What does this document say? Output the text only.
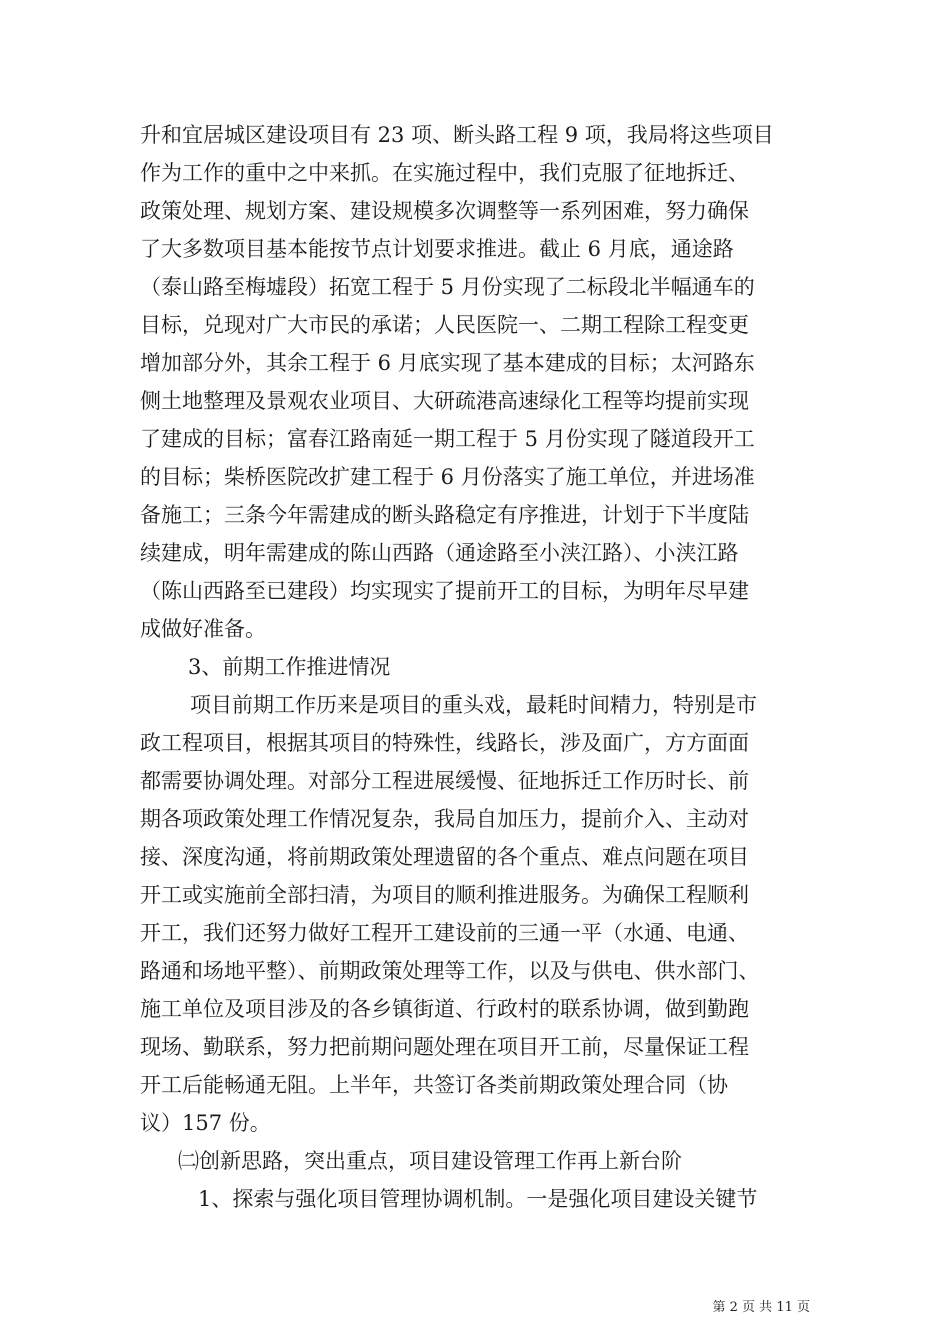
升和宜居城区建设项目有 23 项、断头路工程 9 项，我局将这些项目
作为工作的重中之中来抓。在实施过程中，我们克服了征地拆迁、
政策处理、规划方案、建设规模多次调整等一系列困难，努力确保
了大多数项目基本能按节点计划要求推进。截止 6 月底，通途路
（泰山路至梅墟段）拓宽工程于 5 月份实现了二标段北半幅通车的
目标，兑现对广大市民的承诺；人民医院一、二期工程除工程变更
增加部分外，其余工程于 6 月底实现了基本建成的目标；太河路东
侧土地整理及景观农业项目、大研疏港高速绿化工程等均提前实现
了建成的目标；富春江路南延一期工程于 5 月份实现了隧道段开工
的目标；柴桥医院改扩建工程于 6 月份落实了施工单位，并进场准
备施工；三条今年需建成的断头路稳定有序推进，计划于下半度陆
续建成，明年需建成的陈山西路（通途路至小浃江路）、小浃江路
（陈山西路至已建段）均实现实了提前开工的目标，为明年尽早建
成做好准备。
3、前期工作推进情况
项目前期工作历来是项目的重头戏，最耗时间精力，特别是市
政工程项目，根据其项目的特殊性，线路长，涉及面广，方方面面
都需要协调处理。对部分工程进展缓慢、征地拆迁工作历时长、前
期各项政策处理工作情况复杂，我局自加压力，提前介入、主动对
接、深度沟通，将前期政策处理遗留的各个重点、难点问题在项目
开工或实施前全部扫清，为项目的顺利推进服务。为确保工程顺利
开工，我们还努力做好工程开工建设前的三通一平（水通、电通、
路通和场地平整）、前期政策处理等工作，以及与供电、供水部门、
施工单位及项目涉及的各乡镇街道、行政村的联系协调，做到勤跑
现场、勤联系，努力把前期问题处理在项目开工前，尽量保证工程
开工后能畅通无阻。上半年，共签订各类前期政策处理合同（协
议）157 份。
㈡创新思路，突出重点，项目建设管理工作再上新台阶
1、探索与强化项目管理协调机制。一是强化项目建设关键节
第 2 页 共 11 页
